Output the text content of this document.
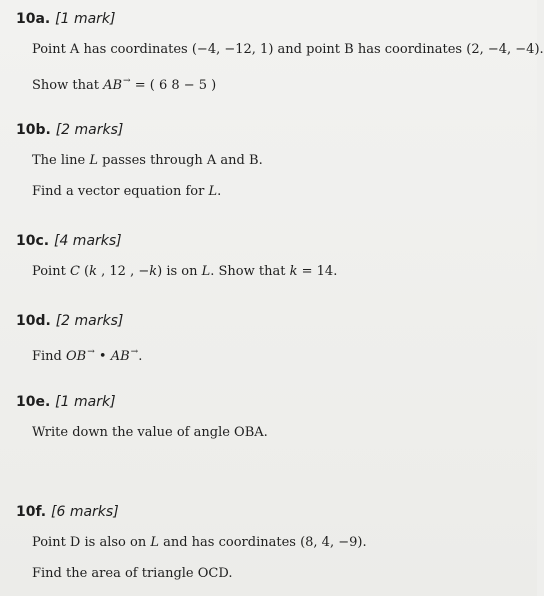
10a. [1 mark]
Point A has coordinates (−4, −12, 1) and point B has coordinates (2, −4, −4).
Show that AB→ = ( 6 8 − 5 )
10b. [2 marks]
The line L passes through A and B.
Find a vector equation for L.
10c. [4 marks]
Point C (k , 12 , −k) is on L. Show that k = 14.
10d. [2 marks]
Find OB→ • AB→.
10e. [1 mark]
Write down the value of angle OBA.
10f. [6 marks]
Point D is also on L and has coordinates (8, 4, −9).
Find the area of triangle OCD.
